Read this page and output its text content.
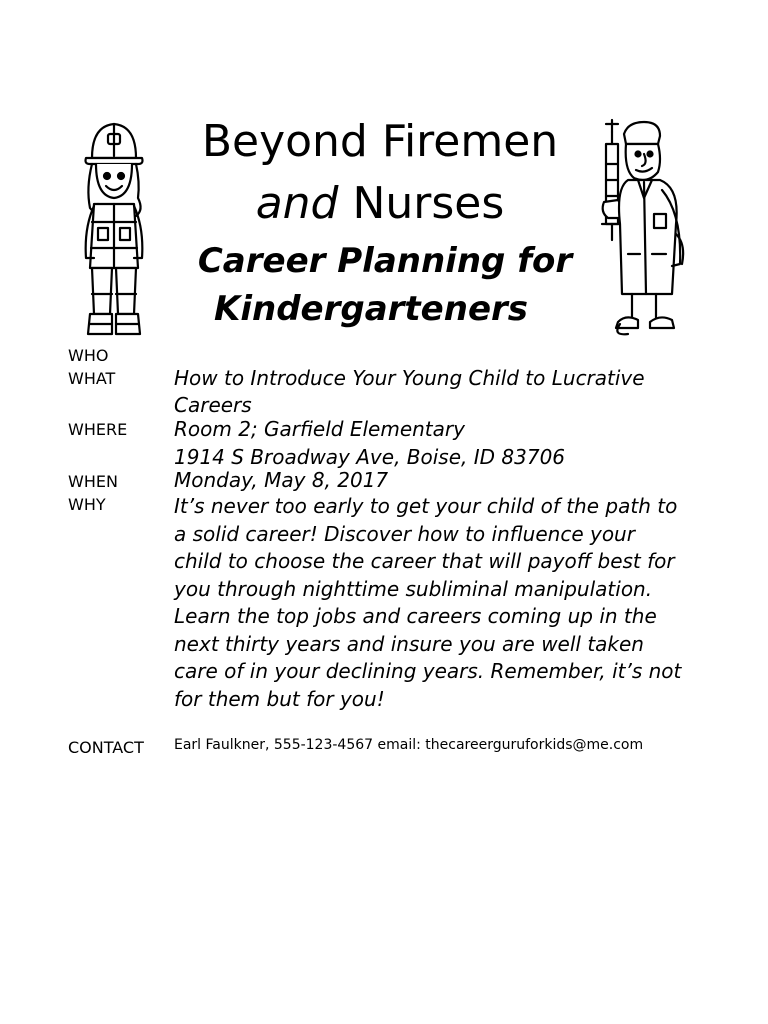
Beyond Firemen
and Nurses
Career Planning for
Kindergarteners
WHO
WHAT
WHERE
WHEN
WHY
CONTACT
How to Introduce Your Young Child to Lucrative
Careers
Room 2; Garfield Elementary
1914 S Broadway Ave, Boise, ID 83706
Monday, May 8, 2017
It’s never too early to get your child of the path to
a solid career! Discover how to influence your
child to choose the career that will payoff best for
you through nighttime subliminal manipulation.
Learn the top jobs and careers coming up in the
next thirty years and insure you are well taken
care of in your declining years. Remember, it’s not
for them but for you!
Earl Faulkner, 555-123-4567 email: thecareerguruforkids@me.com
